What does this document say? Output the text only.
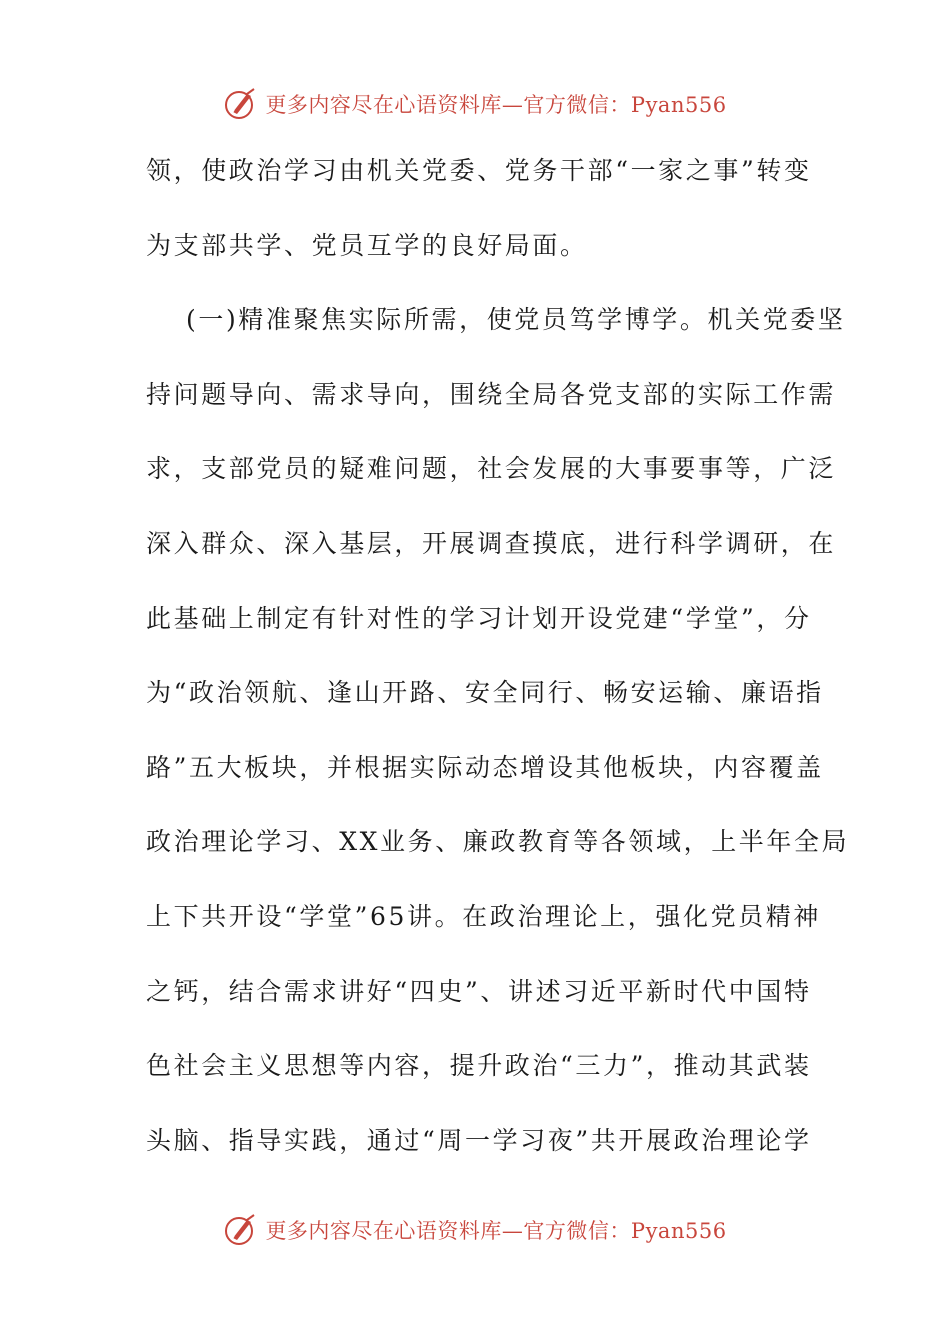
更多内容尽在心语资料库—官方微信：Pyan556
领，使政治学习由机关党委、党务干部“一家之事”转变
为支部共学、党员互学的良好局面。
(一)精准聚焦实际所需，使党员笃学博学。机关党委坚
持问题导向、需求导向，围绕全局各党支部的实际工作需
求，支部党员的疑难问题，社会发展的大事要事等，广泛
深入群众、深入基层，开展调查摸底，进行科学调研，在
此基础上制定有针对性的学习计划开设党建“学堂”，分
为“政治领航、逢山开路、安全同行、畅安运输、廉语指
路”五大板块，并根据实际动态增设其他板块，内容覆盖
政治理论学习、XX业务、廉政教育等各领域，上半年全局
上下共开设“学堂”65讲。在政治理论上，强化党员精神
之钙，结合需求讲好“四史”、讲述习近平新时代中国特
色社会主义思想等内容，提升政治“三力”，推动其武装
头脑、指导实践，通过“周一学习夜”共开展政治理论学
更多内容尽在心语资料库—官方微信：Pyan556
